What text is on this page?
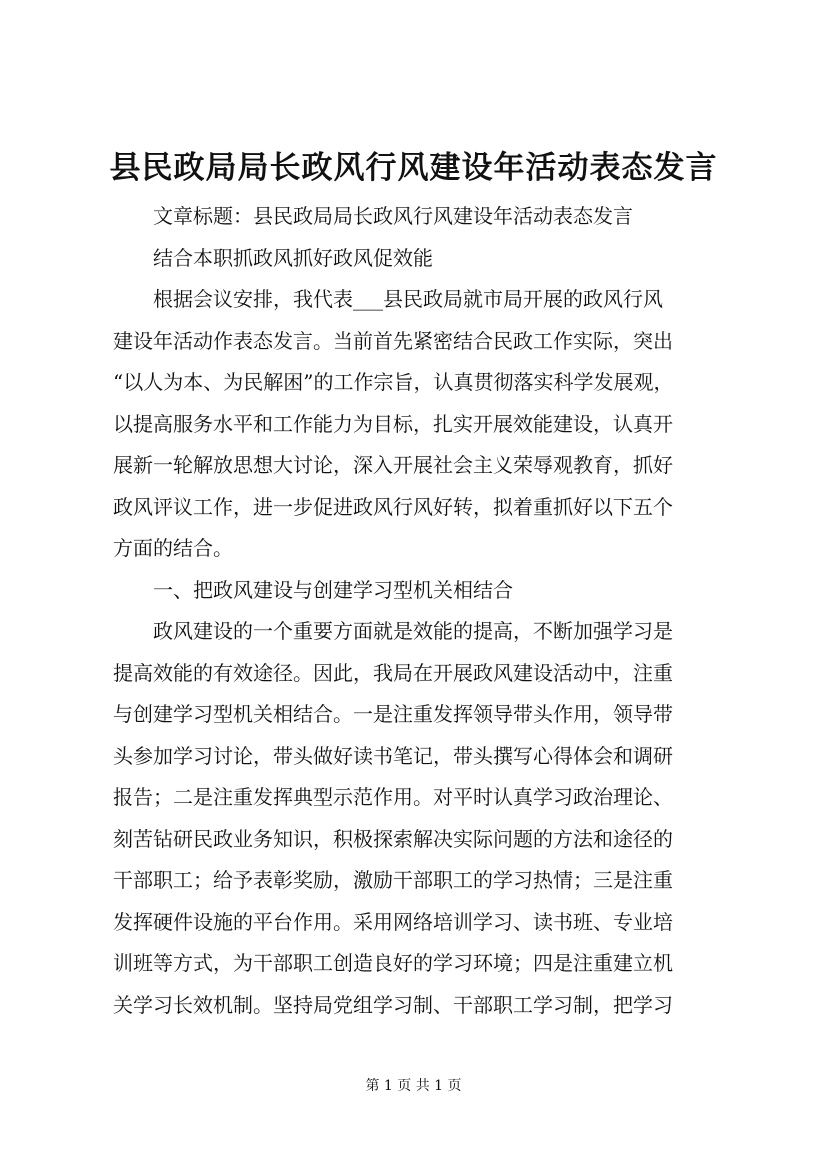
县民政局局长政风行风建设年活动表态发言
文章标题：县民政局局长政风行风建设年活动表态发言
结合本职抓政风抓好政风促效能
根据会议安排，我代表___县民政局就市局开展的政风行风
建设年活动作表态发言。当前首先紧密结合民政工作实际，突出
“以人为本、为民解困”的工作宗旨，认真贯彻落实科学发展观，
以提高服务水平和工作能力为目标，扎实开展效能建设，认真开
展新一轮解放思想大讨论，深入开展社会主义荣辱观教育，抓好
政风评议工作，进一步促进政风行风好转，拟着重抓好以下五个
方面的结合。
一、把政风建设与创建学习型机关相结合
政风建设的一个重要方面就是效能的提高，不断加强学习是
提高效能的有效途径。因此，我局在开展政风建设活动中，注重
与创建学习型机关相结合。一是注重发挥领导带头作用，领导带
头参加学习讨论，带头做好读书笔记，带头撰写心得体会和调研
报告；二是注重发挥典型示范作用。对平时认真学习政治理论、
刻苦钻研民政业务知识，积极探索解决实际问题的方法和途径的
干部职工；给予表彰奖励，激励干部职工的学习热情；三是注重
发挥硬件设施的平台作用。采用网络培训学习、读书班、专业培
训班等方式，为干部职工创造良好的学习环境；四是注重建立机
关学习长效机制。坚持局党组学习制、干部职工学习制，把学习
第 1 页 共 1 页
